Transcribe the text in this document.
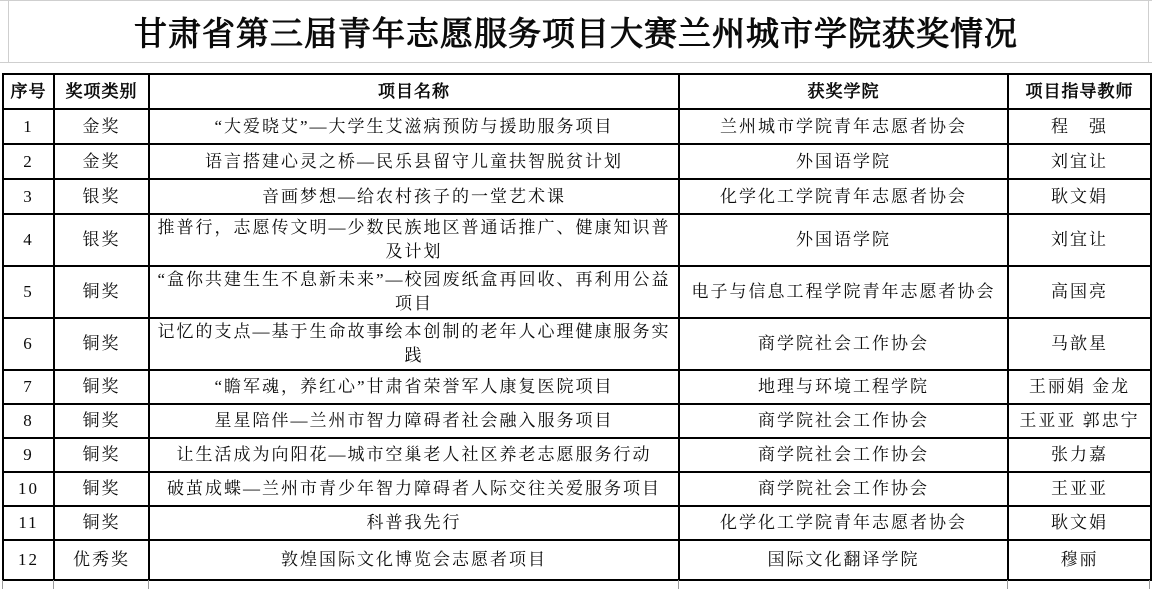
甘肃省第三届青年志愿服务项目大赛兰州城市学院获奖情况
序号	奖项类别	项目名称	获奖学院	项目指导教师
1	金奖	“大爱晓艾”—大学生艾滋病预防与援助服务项目	兰州城市学院青年志愿者协会	程　强
2	金奖	语言搭建心灵之桥—民乐县留守儿童扶智脱贫计划	外国语学院	刘宜让
3	银奖	音画梦想—给农村孩子的一堂艺术课	化学化工学院青年志愿者协会	耿文娟
4	银奖	推普行，志愿传文明—少数民族地区普通话推广、健康知识普及计划	外国语学院	刘宜让
5	铜奖	“盒你共建生生不息新未来”—校园废纸盒再回收、再利用公益项目	电子与信息工程学院青年志愿者协会	高国亮
6	铜奖	记忆的支点—基于生命故事绘本创制的老年人心理健康服务实践	商学院社会工作协会	马歆星
7	铜奖	“瞻军魂，养红心”甘肃省荣誉军人康复医院项目	地理与环境工程学院	王丽娟 金龙
8	铜奖	星星陪伴—兰州市智力障碍者社会融入服务项目	商学院社会工作协会	王亚亚 郭忠宁
9	铜奖	让生活成为向阳花—城市空巢老人社区养老志愿服务行动	商学院社会工作协会	张力嘉
10	铜奖	破茧成蝶—兰州市青少年智力障碍者人际交往关爱服务项目	商学院社会工作协会	王亚亚
11	铜奖	科普我先行	化学化工学院青年志愿者协会	耿文娟
12	优秀奖	敦煌国际文化博览会志愿者项目	国际文化翻译学院	穆丽
